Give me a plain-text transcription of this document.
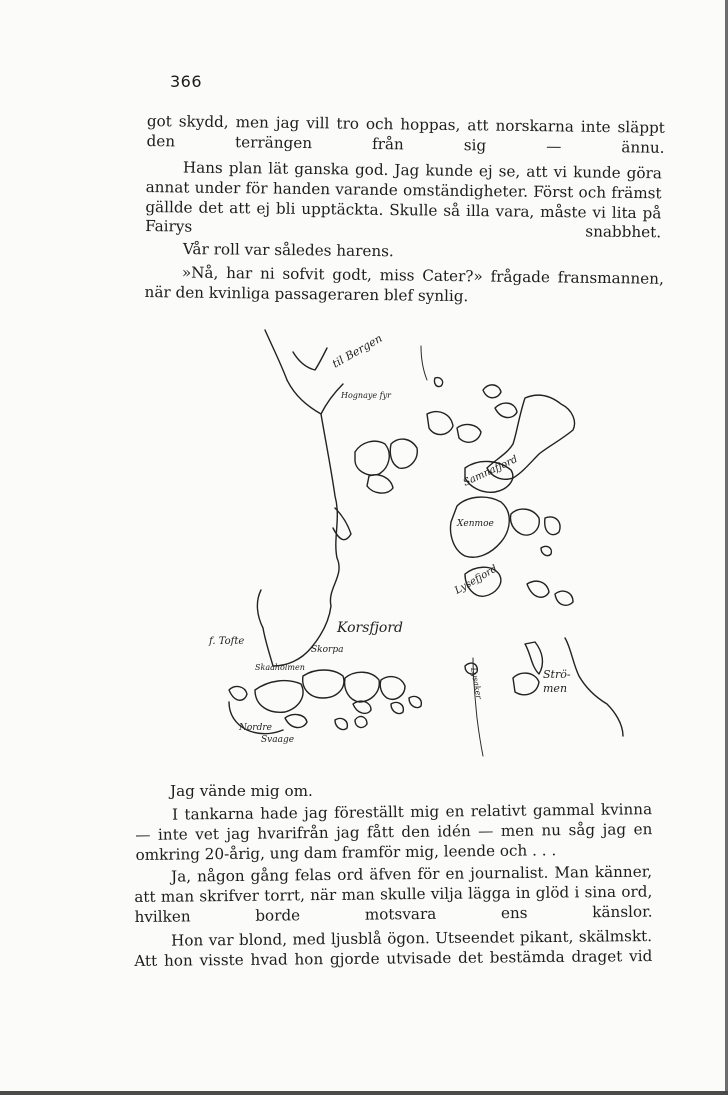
366

got skydd, men jag vill tro och hoppas, att norskarna inte släppt den terrängen från sig — ännu.

Hans plan lät ganska god. Jag kunde ej se, att vi kunde göra annat under för handen varande omständigheter. Först och främst gällde det att ej bli upptäckta. Skulle så illa vara, måste vi lita på Fairys snabbhet.

Vår roll var således harens.

»Nå, har ni sofvit godt, miss Cater?» frågade fransmannen, när den kvinliga passageraren blef synlig.

til Bergen
Hognaye fyr
Samnafjord
Xenmoe
Lysefjord
Korsfjord
f. Tofte
Skorpa
Skaaholmen
Nordre
Svaage
Lysaker	Strö-
men

Jag vände mig om.

I tankarna hade jag föreställt mig en relativt gammal kvinna — inte vet jag hvarifrån jag fått den idén — men nu såg jag en omkring 20-årig, ung dam framför mig, leende och . . .

Ja, någon gång felas ord äfven för en journalist. Man känner, att man skrifver torrt, när man skulle vilja lägga in glöd i sina ord, hvilken borde motsvara ens känslor.

Hon var blond, med ljusblå ögon. Utseendet pikant, skälmskt. Att hon visste hvad hon gjorde utvisade det bestämda draget vid
